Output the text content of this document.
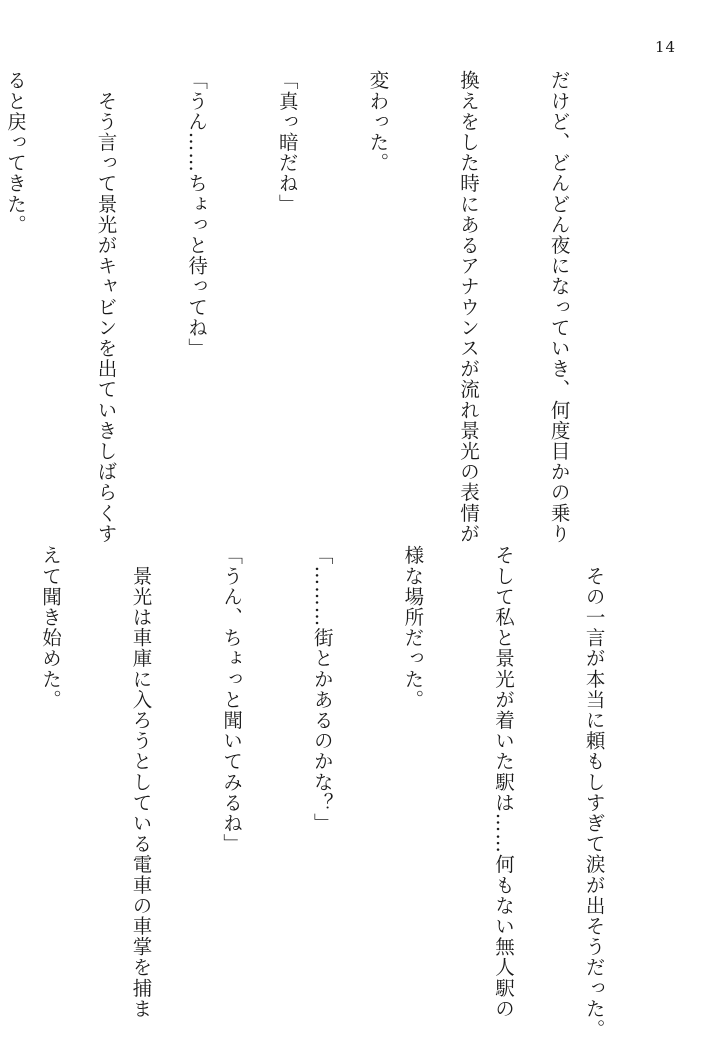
14

だけど、どんどん夜になっていき、何度目かの乗り

換えをした時にあるアナウンスが流れ景光の表情が

変わった。

「真っ暗だね」

「うん……ちょっと待ってね」

　そう言って景光がキャビンを出ていきしばらくす

ると戻ってきた。

　その一言が本当に頼もしすぎて涙が出そうだった。

そして私と景光が着いた駅は……何もない無人駅の

様な場所だった。

「………街とかあるのかな？」

「うん、ちょっと聞いてみるね」

　景光は車庫に入ろうとしている電車の車掌を捕ま

えて聞き始めた。
